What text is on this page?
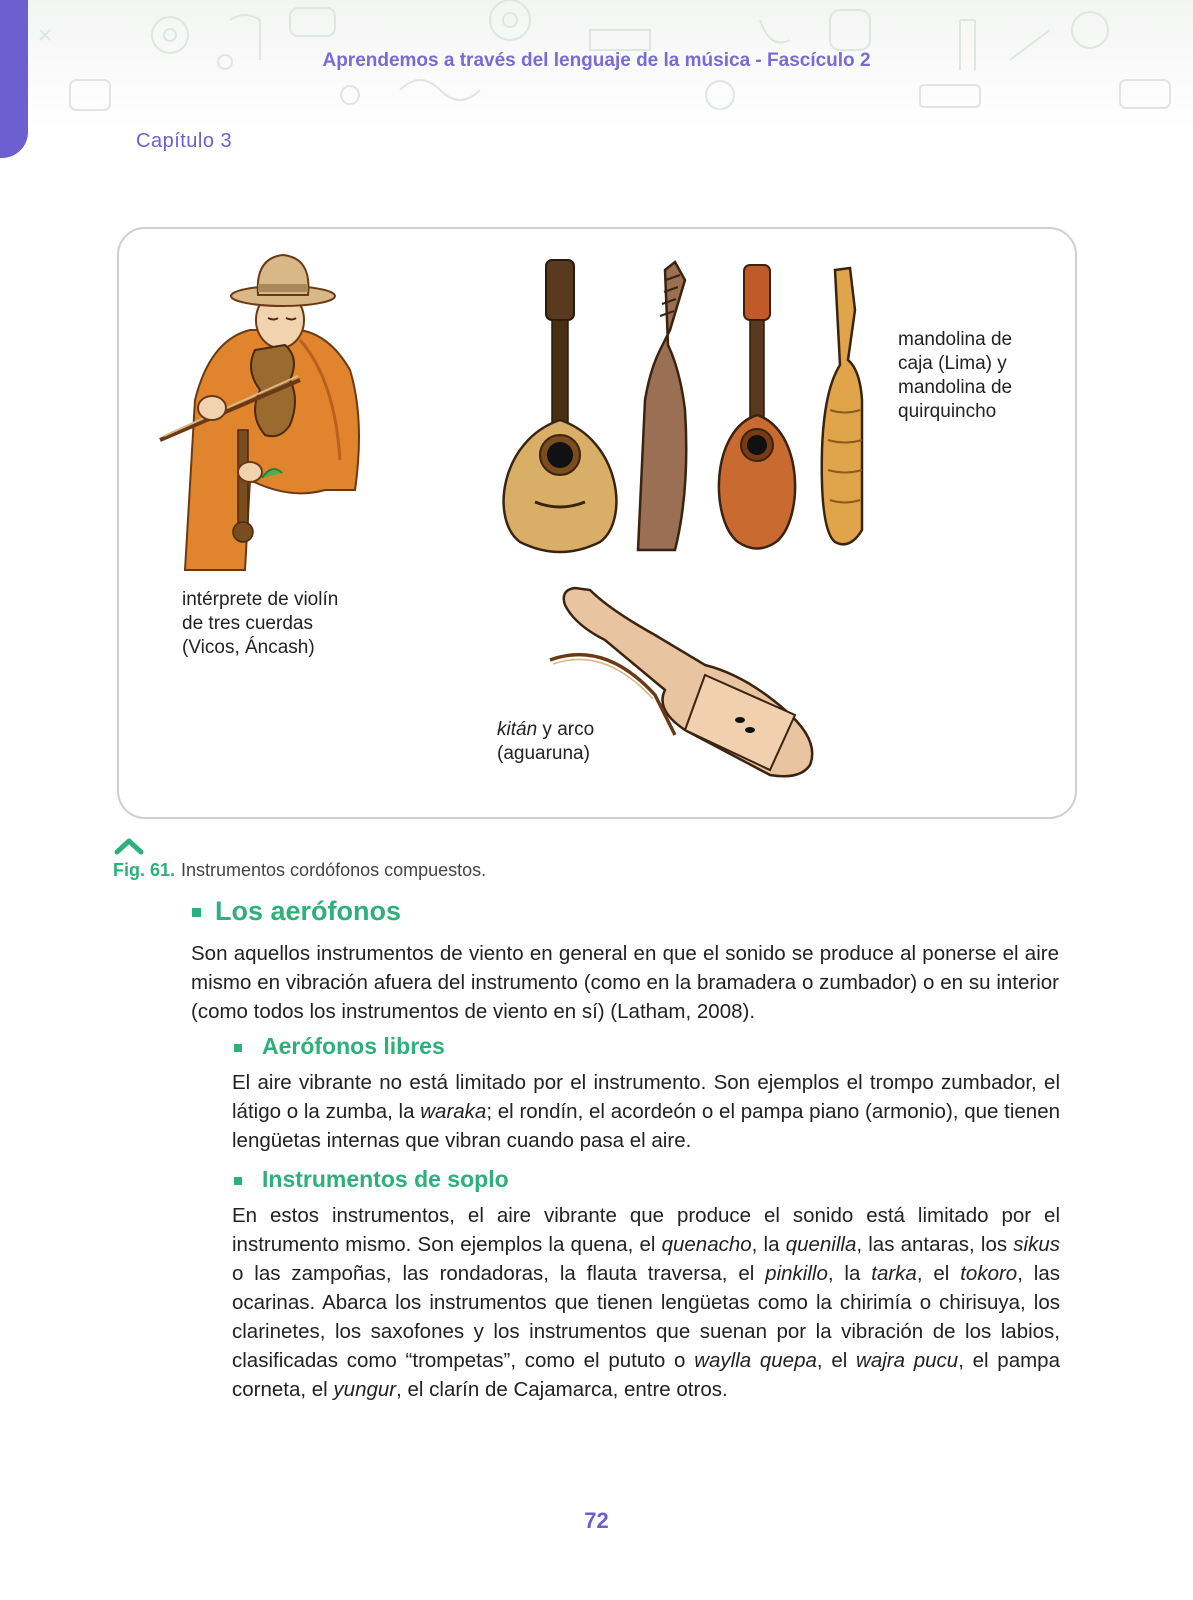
Aprendemos a través del lenguaje de la música - Fascículo 2
Capítulo 3
intérprete de violín
de tres cuerdas
(Vicos, Áncash)
mandolina de
caja (Lima) y
mandolina de
quirquincho
kitán y arco
(aguaruna)
Fig. 61. Instrumentos cordófonos compuestos.
Los aerófonos
Son aquellos instrumentos de viento en general en que el sonido se produce al ponerse el aire mismo en vibración afuera del instrumento (como en la bramadera o zumbador) o en su interior (como todos los instrumentos de viento en sí) (Latham, 2008).
Aerófonos libres
El aire vibrante no está limitado por el instrumento. Son ejemplos el trompo zumbador, el látigo o la zumba, la waraka; el rondín, el acordeón o el pampa piano (armonio), que tienen lengüetas internas que vibran cuando pasa el aire.
Instrumentos de soplo
En estos instrumentos, el aire vibrante que produce el sonido está limitado por el instrumento mismo. Son ejemplos la quena, el quenacho, la quenilla, las antaras, los sikus o las zampoñas, las rondadoras, la flauta traversa, el pinkillo, la tarka, el tokoro, las ocarinas. Abarca los instrumentos que tienen lengüetas como la chirimía o chirisuya, los clarinetes, los saxofones y los instrumentos que suenan por la vibración de los labios, clasificadas como “trompetas”, como el pututo o waylla quepa, el wajra pucu, el pampa corneta, el yungur, el clarín de Cajamarca, entre otros.
72
